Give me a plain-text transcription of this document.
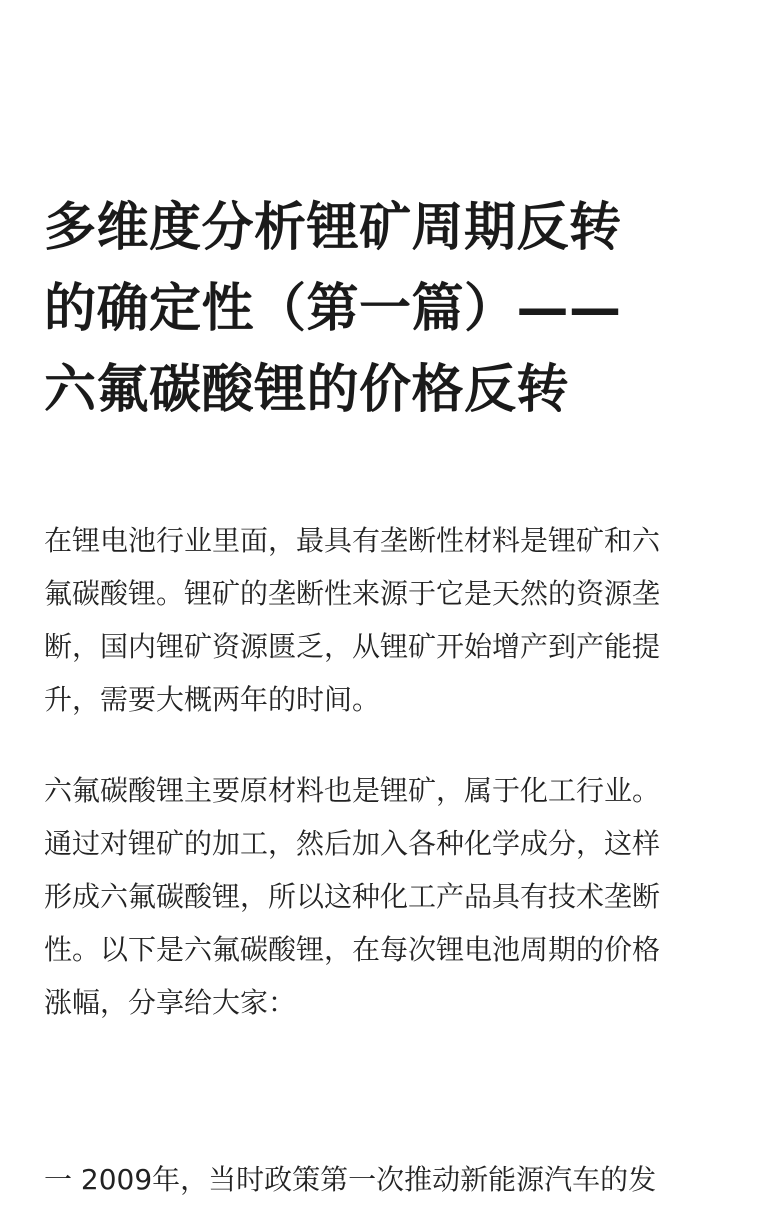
多维度分析锂矿周期反转
的确定性（第一篇）——
六氟碳酸锂的价格反转

在锂电池行业里面，最具有垄断性材料是锂矿和六
氟碳酸锂。锂矿的垄断性来源于它是天然的资源垄
断，国内锂矿资源匮乏，从锂矿开始增产到产能提
升，需要大概两年的时间。

六氟碳酸锂主要原材料也是锂矿，属于化工行业。
通过对锂矿的加工，然后加入各种化学成分，这样
形成六氟碳酸锂，所以这种化工产品具有技术垄断
性。以下是六氟碳酸锂，在每次锂电池周期的价格
涨幅，分享给大家：

一 2009年，当时政策第一次推动新能源汽车的发
